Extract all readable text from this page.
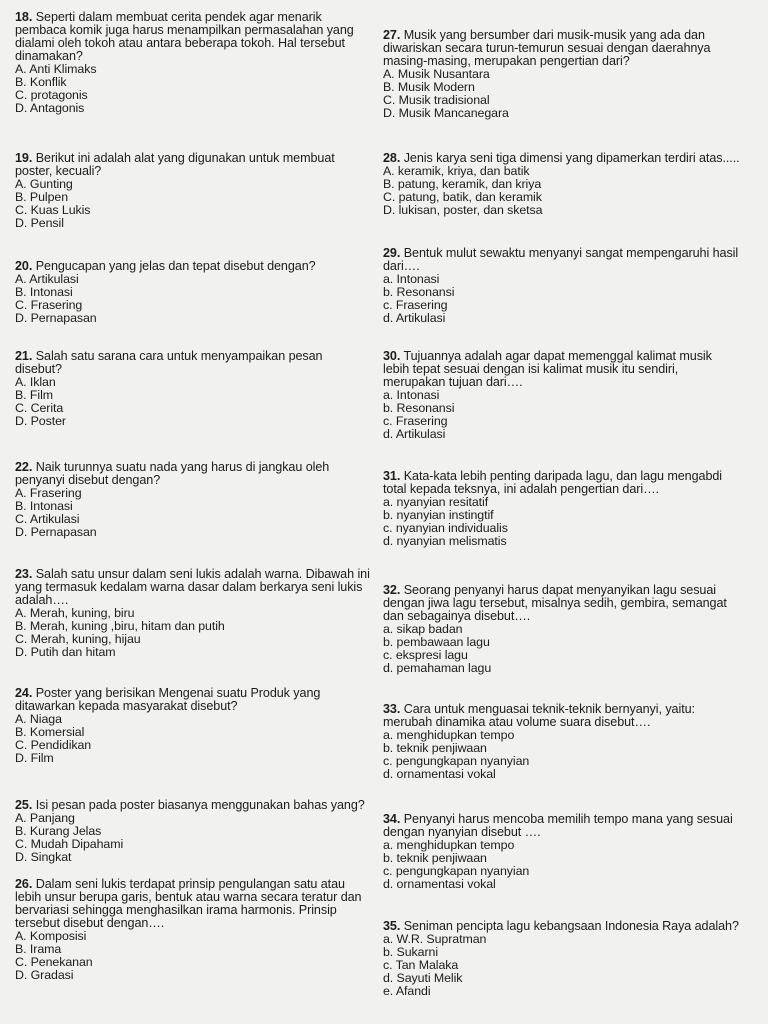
18. Seperti dalam membuat cerita pendek agar menarik
pembaca komik juga harus menampilkan permasalahan yang
dialami oleh tokoh atau antara beberapa tokoh. Hal tersebut
dinamakan?
A. Anti Klimaks
B. Konflik
C. protagonis
D. Antagonis
19. Berikut ini adalah alat yang digunakan untuk membuat
poster, kecuali?
A. Gunting
B. Pulpen
C. Kuas Lukis
D. Pensil
20. Pengucapan yang jelas dan tepat disebut dengan?
A. Artikulasi
B. Intonasi
C. Frasering
D. Pernapasan
21. Salah satu sarana cara untuk menyampaikan pesan
disebut?
A. Iklan
B. Film
C. Cerita
D. Poster
22. Naik turunnya suatu nada yang harus di jangkau oleh
penyanyi disebut dengan?
A. Frasering
B. Intonasi
C. Artikulasi
D. Pernapasan
23. Salah satu unsur dalam seni lukis adalah warna. Dibawah ini
yang termasuk kedalam warna dasar dalam berkarya seni lukis
adalah….
A. Merah, kuning, biru
B. Merah, kuning ,biru, hitam dan putih
C. Merah, kuning, hijau
D. Putih dan hitam
24. Poster yang berisikan Mengenai suatu Produk yang
ditawarkan kepada masyarakat disebut?
A. Niaga
B. Komersial
C. Pendidikan
D. Film
25. Isi pesan pada poster biasanya menggunakan bahas yang?
A. Panjang
B. Kurang Jelas
C. Mudah Dipahami
D. Singkat
26. Dalam seni lukis terdapat prinsip pengulangan satu atau
lebih unsur berupa garis, bentuk atau warna secara teratur dan
bervariasi sehingga menghasilkan irama harmonis. Prinsip
tersebut disebut dengan….
A. Komposisi
B. Irama
C. Penekanan
D. Gradasi
27. Musik yang bersumber dari musik-musik yang ada dan
diwariskan secara turun-temurun sesuai dengan daerahnya
masing-masing, merupakan pengertian dari?
A. Musik Nusantara
B. Musik Modern
C. Musik tradisional
D. Musik Mancanegara
28. Jenis karya seni tiga dimensi yang dipamerkan terdiri atas.....
A. keramik, kriya, dan batik
B. patung, keramik, dan kriya
C. patung, batik, dan keramik
D. lukisan, poster, dan sketsa
29. Bentuk mulut sewaktu menyanyi sangat mempengaruhi hasil
dari….
a. Intonasi
b. Resonansi
c. Frasering
d. Artikulasi
30. Tujuannya adalah agar dapat memenggal kalimat musik
lebih tepat sesuai dengan isi kalimat musik itu sendiri,
merupakan tujuan dari….
a. Intonasi
b. Resonansi
c. Frasering
d. Artikulasi
31. Kata-kata lebih penting daripada lagu, dan lagu mengabdi
total kepada teksnya, ini adalah pengertian dari….
a. nyanyian resitatif
b. nyanyian instingtif
c. nyanyian individualis
d. nyanyian melismatis
32. Seorang penyanyi harus dapat menyanyikan lagu sesuai
dengan jiwa lagu tersebut, misalnya sedih, gembira, semangat
dan sebagainya disebut….
a. sikap badan
b. pembawaan lagu
c. ekspresi lagu
d. pemahaman lagu
33. Cara untuk menguasai teknik-teknik bernyanyi, yaitu:
merubah dinamika atau volume suara disebut….
a. menghidupkan tempo
b. teknik penjiwaan
c. pengungkapan nyanyian
d. ornamentasi vokal
34. Penyanyi harus mencoba memilih tempo mana yang sesuai
dengan nyanyian disebut ….
a. menghidupkan tempo
b. teknik penjiwaan
c. pengungkapan nyanyian
d. ornamentasi vokal
35. Seniman pencipta lagu kebangsaan Indonesia Raya adalah?
a. W.R. Supratman
b. Sukarni
c. Tan Malaka
d. Sayuti Melik
e. Afandi
